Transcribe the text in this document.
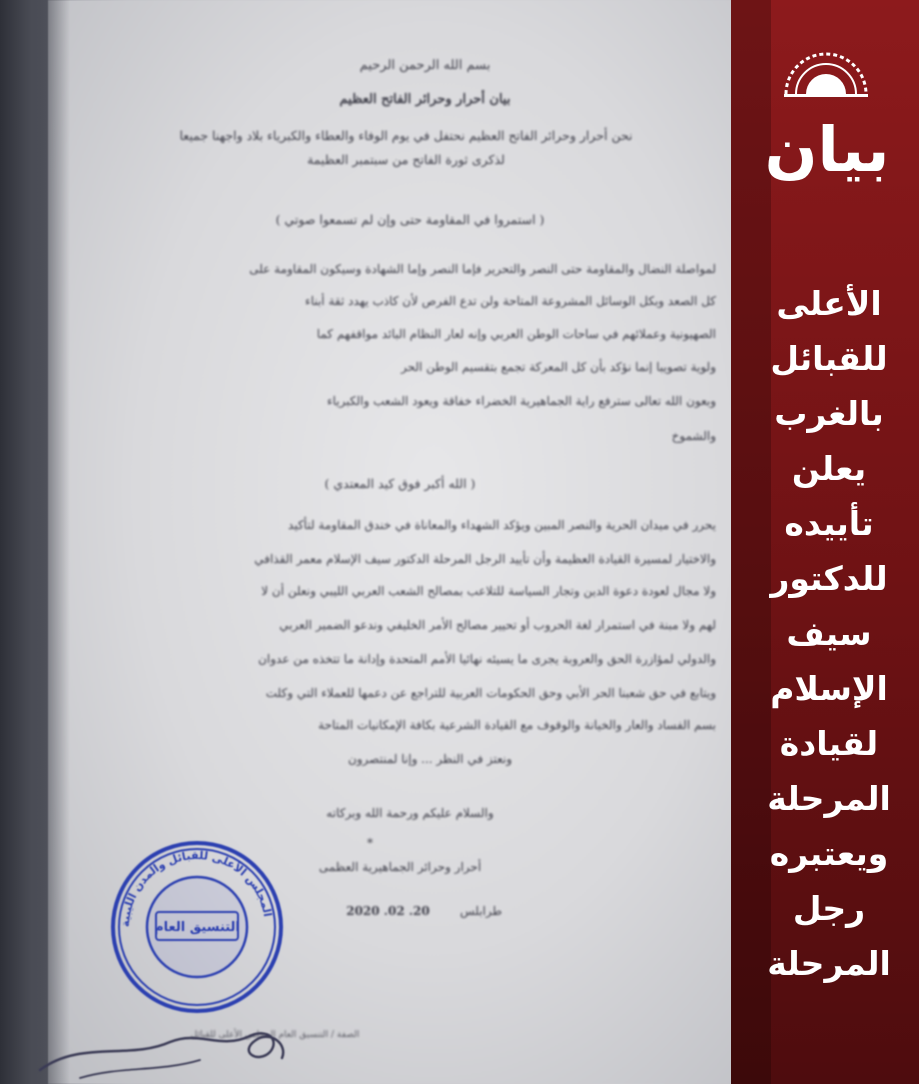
بسم الله الرحمن الرحيم
بيان أحرار وحرائر الفاتح العظيم
نحن أحرار وحرائر الفاتح العظيم نحتفل في يوم الوفاء والعطاء والكبرياء بلاد واجهنا جميعا
لذكرى ثورة الفاتح من سبتمبر العظيمة
( استمروا في المقاومة حتى وإن لم تسمعوا صوتي )
لمواصلة النضال والمقاومة حتى النصر والتحرير فإما النصر وإما الشهادة وسيكون المقاومة على
كل الصعد وبكل الوسائل المشروعة المتاحة ولن تدع الفرص لأن كاذب يهدد ثقة أبناء
الصهيونية وعملائهم في ساحات الوطن العربي وإنه لعار النظام البائد مواقفهم كما
ولوية تصويبا إنما نؤكد بأن كل المعركة تجمع بتقسيم الوطن الحر
وبعون الله تعالى سترفع راية الجماهيرية الخضراء خفاقة ويعود الشعب والكبرياء
والشموخ
( الله أكبر فوق كيد المعتدي )
يحرر في ميدان الحرية والنصر المبين ويؤكد الشهداء والمعاناة في خندق المقاومة لتأكيد
والاختيار لمسيرة القيادة العظيمة وأن تأييد الرجل المرحلة الدكتور سيف الإسلام معمر القذافي
ولا مجال لعودة دعوة الدين وتجار السياسة للتلاعب بمصالح الشعب العربي الليبي ونعلن أن لا
لهم ولا مبنة في استمرار لغة الحروب أو تحيير مصالح الأمر الخليفي وندعو الضمير العربي
والدولي لمؤازرة الحق والعروبة يجرى ما يسيئه نهائيا الأمم المتحدة وإدانة ما تتخذه من عدوان
ويتابع في حق شعبنا الحر الأبي وحق الحكومات العربية للتراجع عن دعمها للعملاء التي وكلت
بسم الفساد والعار والخيانة والوقوف مع القيادة الشرعية بكافة الإمكانيات المتاحة
ونعتز في النظر ... وإنا لمنتصرون
والسلام عليكم ورحمة الله وبركاته
*
أحرار وحرائر الجماهيرية العظمى
2020 .02 .20	طرابلس
المجلس الأعلى للقبائل والمدن الليبية
التنسيق العام
الصفة / التنسيق العام المجلس الأعلى للقبائل
بيان
الأعلى
للقبائل
بالغرب
يعلن
تأييده
للدكتور
سيف
الإسلام
لقيادة
المرحلة
ويعتبره
رجل
المرحلة
